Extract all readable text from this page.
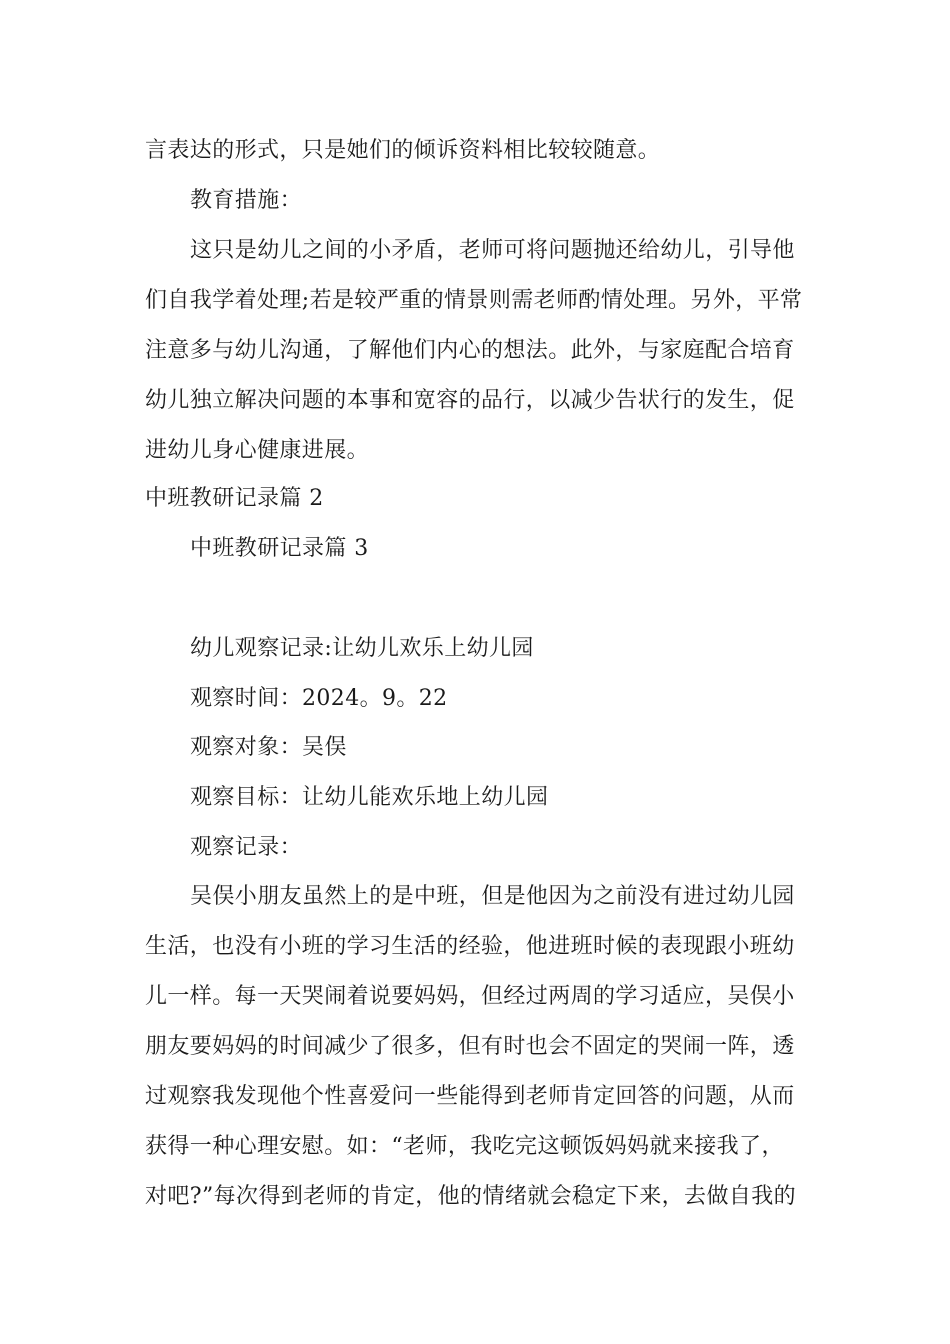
言表达的形式，只是她们的倾诉资料相比较较随意。
教育措施：
这只是幼儿之间的小矛盾，老师可将问题抛还给幼儿，引导他
们自我学着处理;若是较严重的情景则需老师酌情处理。另外，平常
注意多与幼儿沟通，了解他们内心的想法。此外，与家庭配合培育
幼儿独立解决问题的本事和宽容的品行，以减少告状行的发生，促
进幼儿身心健康进展。
中班教研记录篇 2
中班教研记录篇 3
幼儿观察记录:让幼儿欢乐上幼儿园
观察时间：2024。9。22
观察对象：吴俣
观察目标：让幼儿能欢乐地上幼儿园
观察记录：
吴俣小朋友虽然上的是中班，但是他因为之前没有进过幼儿园
生活，也没有小班的学习生活的经验，他进班时候的表现跟小班幼
儿一样。每一天哭闹着说要妈妈，但经过两周的学习适应，吴俣小
朋友要妈妈的时间减少了很多，但有时也会不固定的哭闹一阵，透
过观察我发现他个性喜爱问一些能得到老师肯定回答的问题，从而
获得一种心理安慰。如：“老师，我吃完这顿饭妈妈就来接我了，
对吧?”每次得到老师的肯定，他的情绪就会稳定下来，去做自我的
